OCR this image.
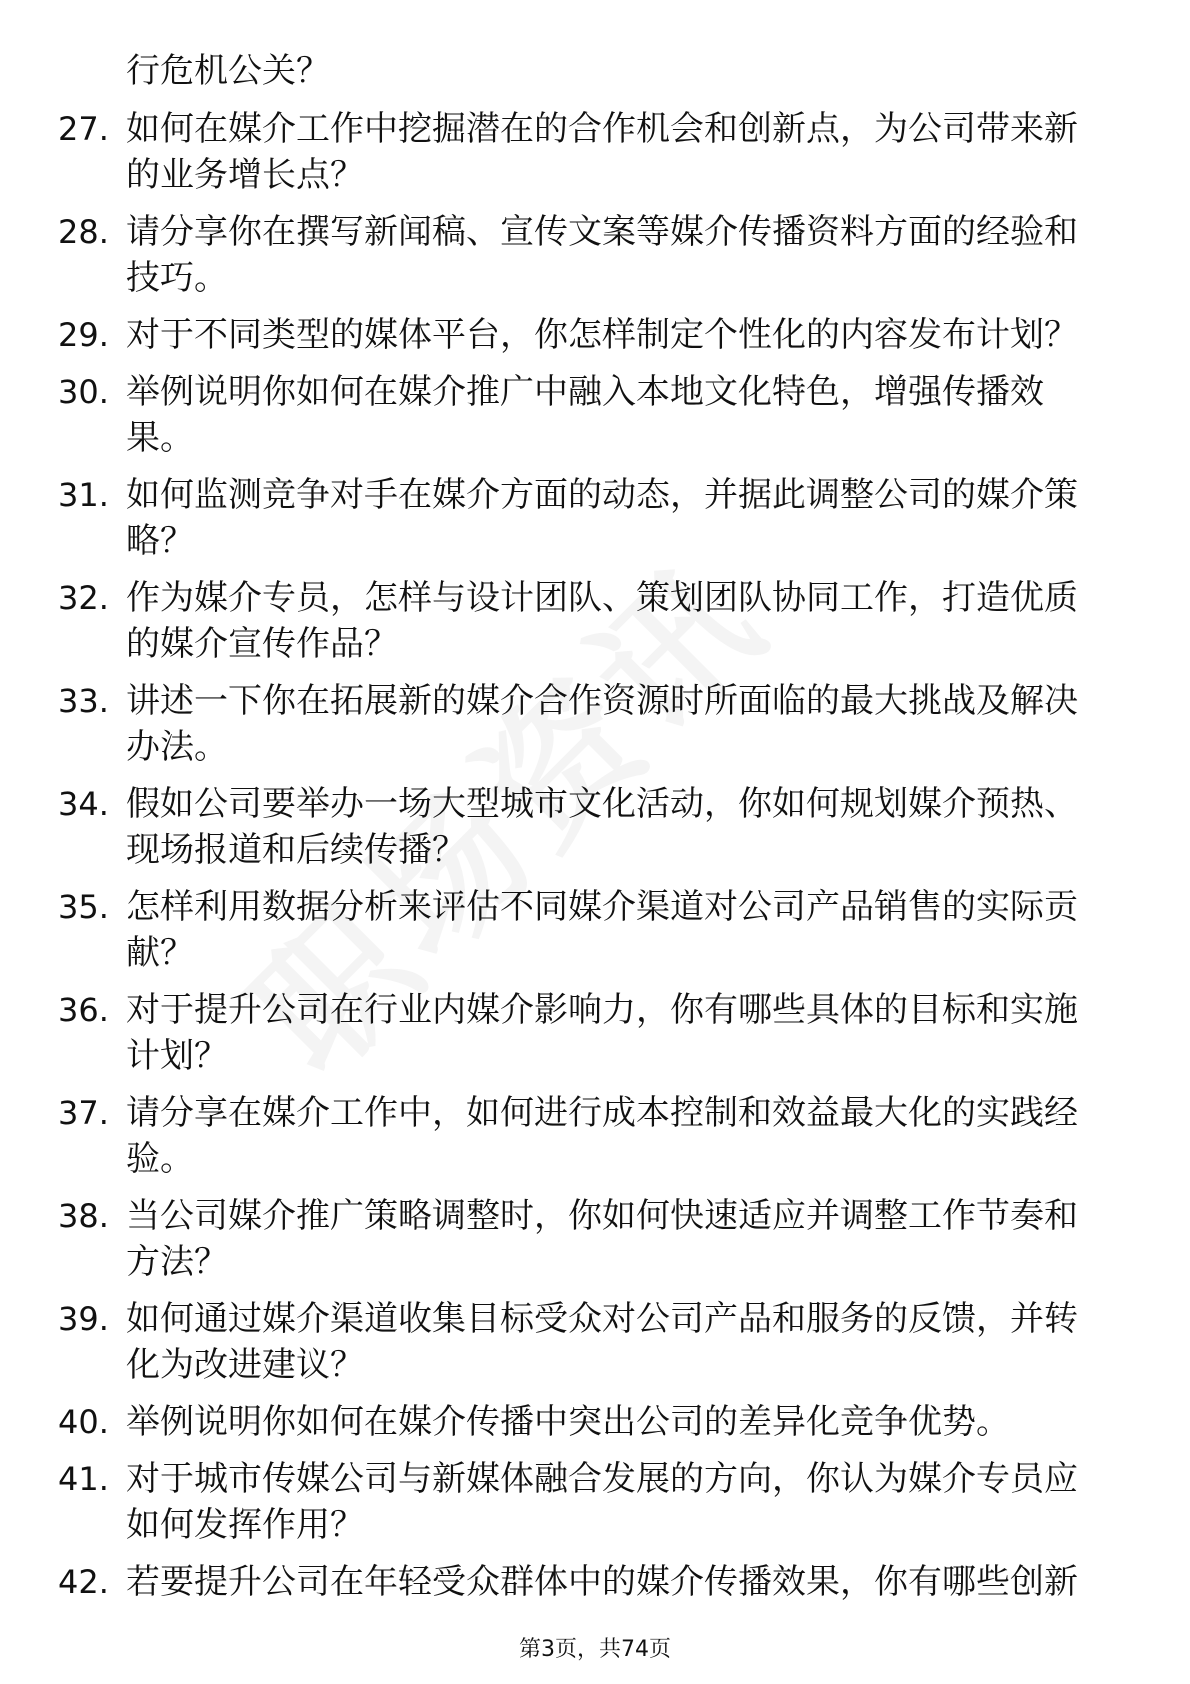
行危机公关？
27. 如何在媒介工作中挖掘潜在的合作机会和创新点，为公司带来新
的业务增长点？
28. 请分享你在撰写新闻稿、宣传文案等媒介传播资料方面的经验和
技巧。
29. 对于不同类型的媒体平台，你怎样制定个性化的内容发布计划？
30. 举例说明你如何在媒介推广中融入本地文化特色，增强传播效
果。
31. 如何监测竞争对手在媒介方面的动态，并据此调整公司的媒介策
略？
32. 作为媒介专员，怎样与设计团队、策划团队协同工作，打造优质
的媒介宣传作品？
33. 讲述一下你在拓展新的媒介合作资源时所面临的最大挑战及解决
办法。
34. 假如公司要举办一场大型城市文化活动，你如何规划媒介预热、
现场报道和后续传播？
35. 怎样利用数据分析来评估不同媒介渠道对公司产品销售的实际贡
献？
36. 对于提升公司在行业内媒介影响力，你有哪些具体的目标和实施
计划？
37. 请分享在媒介工作中，如何进行成本控制和效益最大化的实践经
验。
38. 当公司媒介推广策略调整时，你如何快速适应并调整工作节奏和
方法？
39. 如何通过媒介渠道收集目标受众对公司产品和服务的反馈，并转
化为改进建议？
40. 举例说明你如何在媒介传播中突出公司的差异化竞争优势。
41. 对于城市传媒公司与新媒体融合发展的方向，你认为媒介专员应
如何发挥作用？
42. 若要提升公司在年轻受众群体中的媒介传播效果，你有哪些创新
第3页，共74页
